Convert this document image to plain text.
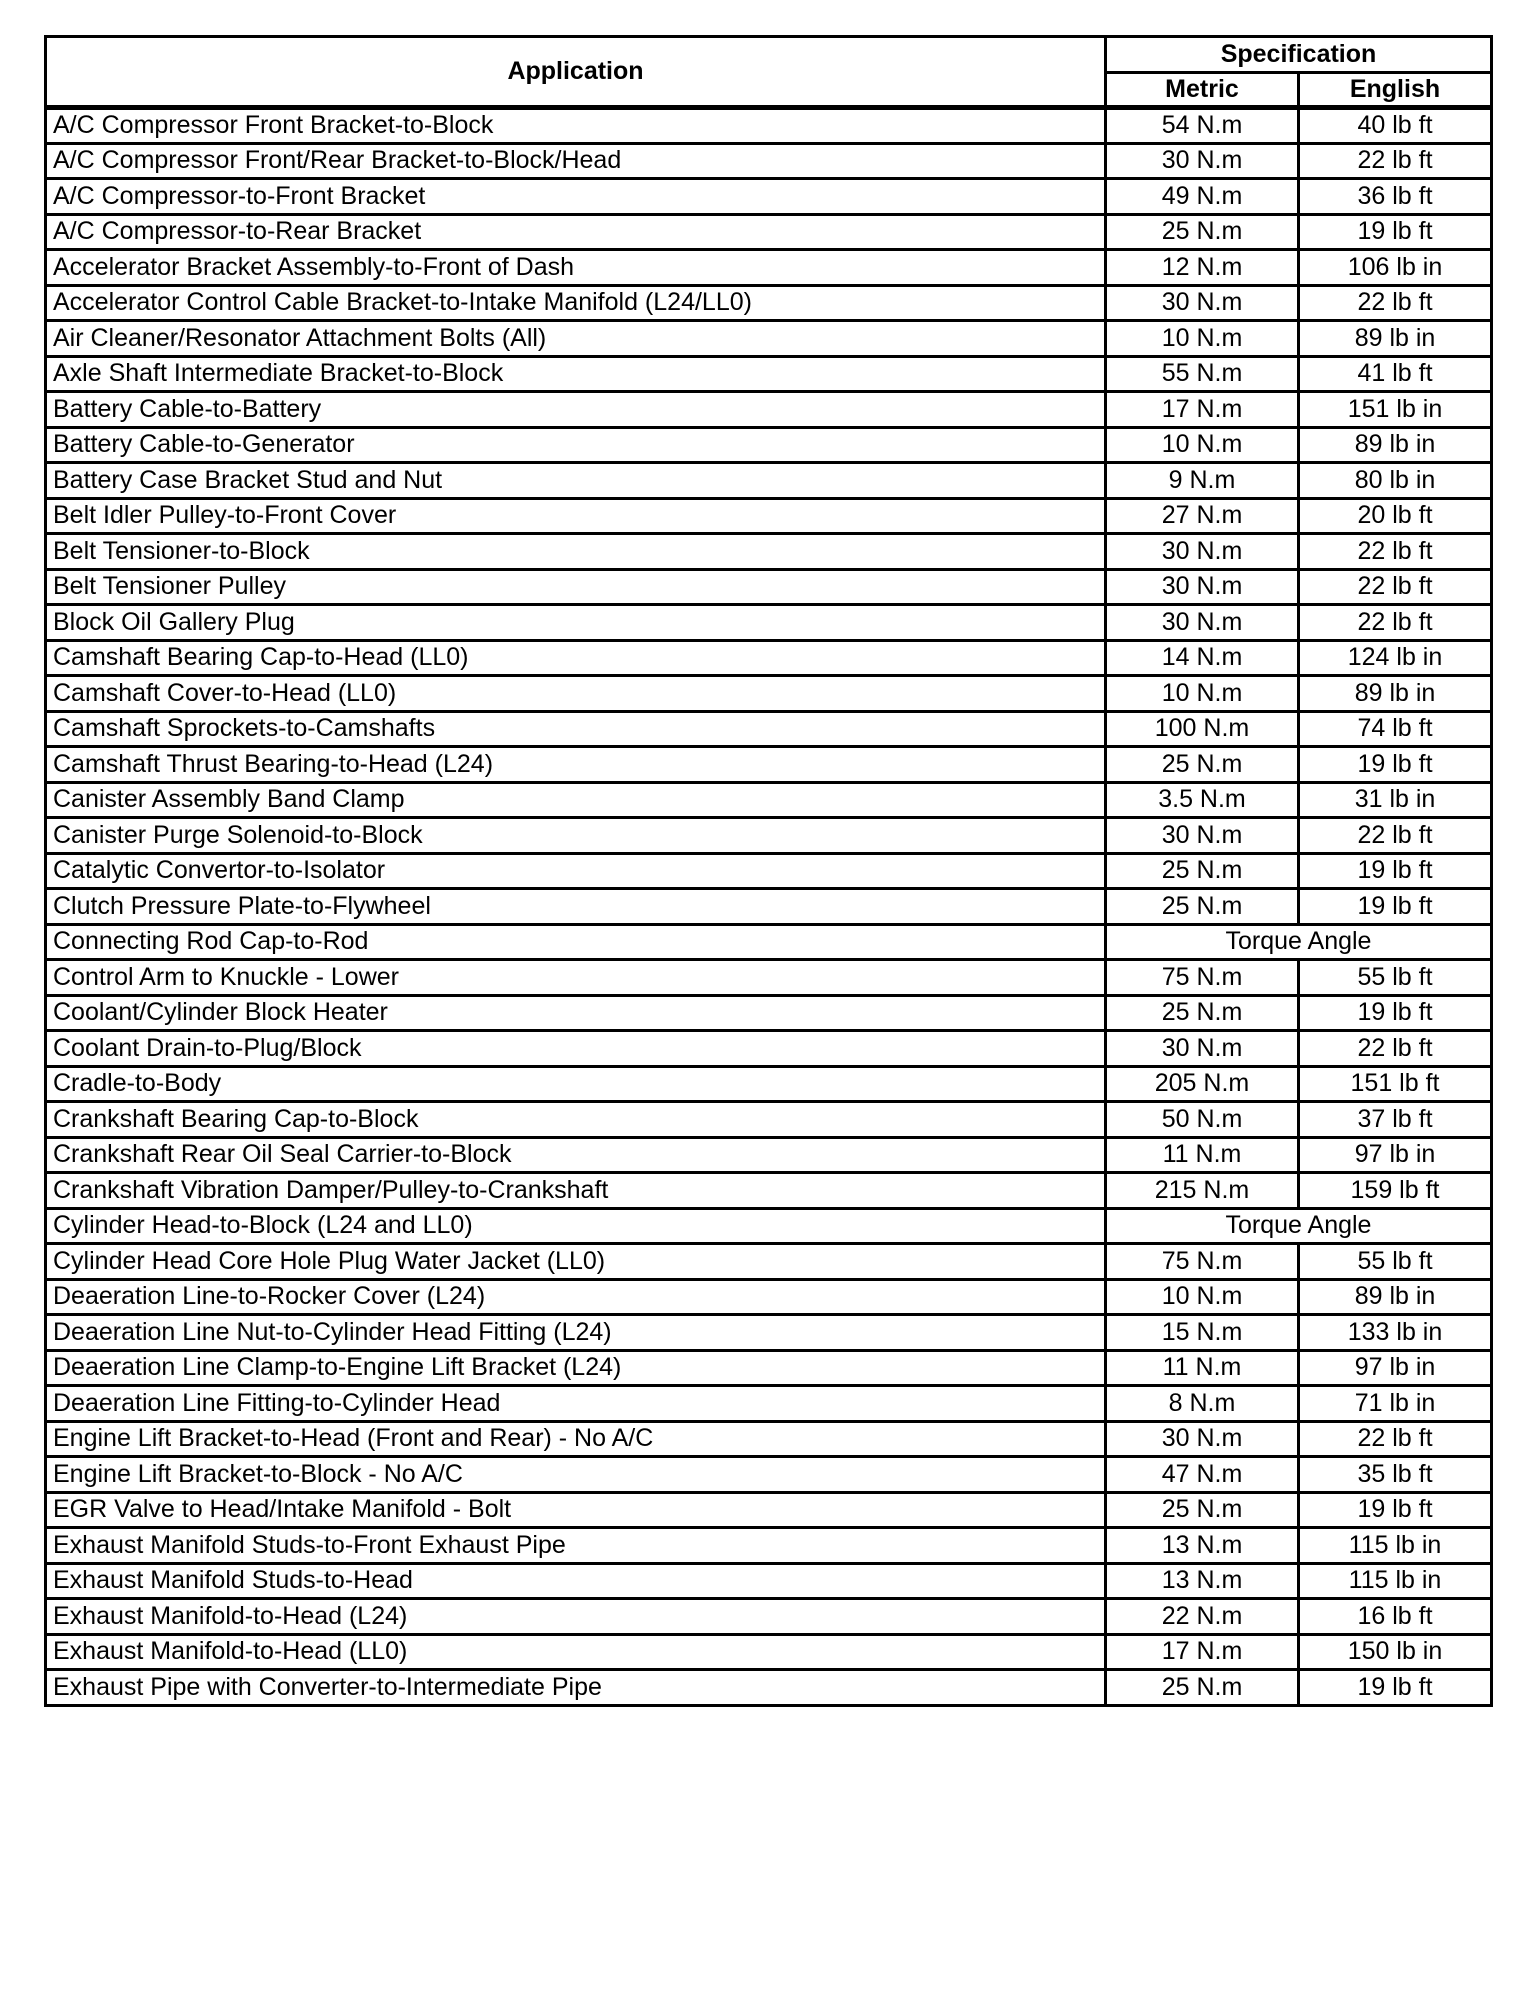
Application	Specification	
	Metric	English
A/C Compressor Front Bracket-to-Block	54 N.m	40 lb ft
A/C Compressor Front/Rear Bracket-to-Block/Head	30 N.m	22 lb ft
A/C Compressor-to-Front Bracket	49 N.m	36 lb ft
A/C Compressor-to-Rear Bracket	25 N.m	19 lb ft
Accelerator Bracket Assembly-to-Front of Dash	12 N.m	106 lb in
Accelerator Control Cable Bracket-to-Intake Manifold (L24/LL0)	30 N.m	22 lb ft
Air Cleaner/Resonator Attachment Bolts (All)	10 N.m	89 lb in
Axle Shaft Intermediate Bracket-to-Block	55 N.m	41 lb ft
Battery Cable-to-Battery	17 N.m	151 lb in
Battery Cable-to-Generator	10 N.m	89 lb in
Battery Case Bracket Stud and Nut	9 N.m	80 lb in
Belt Idler Pulley-to-Front Cover	27 N.m	20 lb ft
Belt Tensioner-to-Block	30 N.m	22 lb ft
Belt Tensioner Pulley	30 N.m	22 lb ft
Block Oil Gallery Plug	30 N.m	22 lb ft
Camshaft Bearing Cap-to-Head (LL0)	14 N.m	124 lb in
Camshaft Cover-to-Head (LL0)	10 N.m	89 lb in
Camshaft Sprockets-to-Camshafts	100 N.m	74 lb ft
Camshaft Thrust Bearing-to-Head (L24)	25 N.m	19 lb ft
Canister Assembly Band Clamp	3.5 N.m	31 lb in
Canister Purge Solenoid-to-Block	30 N.m	22 lb ft
Catalytic Convertor-to-Isolator	25 N.m	19 lb ft
Clutch Pressure Plate-to-Flywheel	25 N.m	19 lb ft
Connecting Rod Cap-to-Rod	Torque Angle	
Control Arm to Knuckle - Lower	75 N.m	55 lb ft
Coolant/Cylinder Block Heater	25 N.m	19 lb ft
Coolant Drain-to-Plug/Block	30 N.m	22 lb ft
Cradle-to-Body	205 N.m	151 lb ft
Crankshaft Bearing Cap-to-Block	50 N.m	37 lb ft
Crankshaft Rear Oil Seal Carrier-to-Block	11 N.m	97 lb in
Crankshaft Vibration Damper/Pulley-to-Crankshaft	215 N.m	159 lb ft
Cylinder Head-to-Block (L24 and LL0)	Torque Angle	
Cylinder Head Core Hole Plug Water Jacket (LL0)	75 N.m	55 lb ft
Deaeration Line-to-Rocker Cover (L24)	10 N.m	89 lb in
Deaeration Line Nut-to-Cylinder Head Fitting (L24)	15 N.m	133 lb in
Deaeration Line Clamp-to-Engine Lift Bracket (L24)	11 N.m	97 lb in
Deaeration Line Fitting-to-Cylinder Head	8 N.m	71 lb in
Engine Lift Bracket-to-Head (Front and Rear) - No A/C	30 N.m	22 lb ft
Engine Lift Bracket-to-Block - No A/C	47 N.m	35 lb ft
EGR Valve to Head/Intake Manifold - Bolt	25 N.m	19 lb ft
Exhaust Manifold Studs-to-Front Exhaust Pipe	13 N.m	115 lb in
Exhaust Manifold Studs-to-Head	13 N.m	115 lb in
Exhaust Manifold-to-Head (L24)	22 N.m	16 lb ft
Exhaust Manifold-to-Head (LL0)	17 N.m	150 lb in
Exhaust Pipe with Converter-to-Intermediate Pipe	25 N.m	19 lb ft
